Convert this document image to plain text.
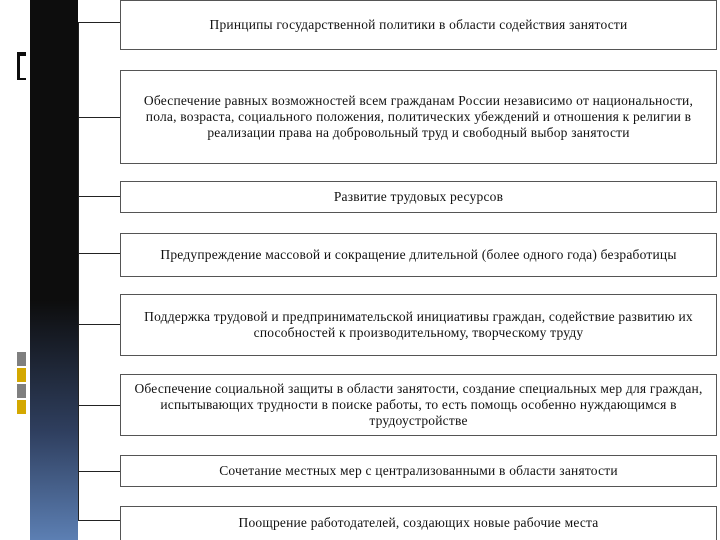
Принципы государственной политики в области содействия занятости
Обеспечение равных возможностей всем гражданам России независимо от национальности, пола, возраста, социального положения, политических убеждений и отношения к религии в реализации права на добровольный труд и свободный выбор занятости
Развитие трудовых ресурсов
Предупреждение массовой и сокращение длительной (более одного года) безработицы
Поддержка трудовой и предпринимательской инициативы граждан, содействие развитию их способностей к производительному, творческому труду
Обеспечение социальной защиты в области занятости, создание специальных мер для граждан, испытывающих трудности в поиске работы, то есть помощь особенно нуждающимся в трудоустройстве
Сочетание местных мер с централизованными в области занятости
Поощрение работодателей, создающих новые рабочие места
